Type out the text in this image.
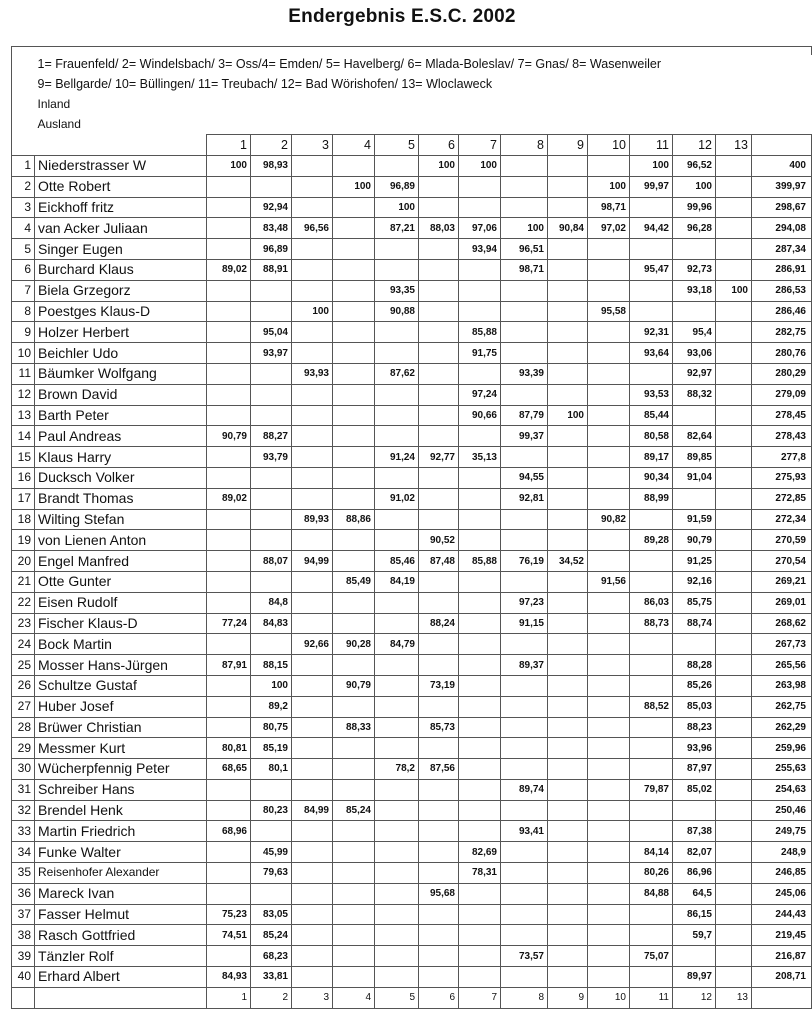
Endergebnis E.S.C. 2002

	1= Frauenfeld/ 2= Windelsbach/ 3= Oss/4= Emden/ 5= Havelberg/ 6= Mlada-Boleslav/ 7= Gnas/ 8= Wasenweiler														
	9= Bellgarde/ 10= Büllingen/ 11= Treubach/ 12= Bad Wörishofen/ 13= Wloclaweck														
	Inland														
	Ausland														
		1	2	3	4	5	6	7	8	9	10	11	12	13	
1	Niederstrasser W	100	98,93				100	100				100	96,52		400
2	Otte Robert				100	96,89					100	99,97	100		399,97
3	Eickhoff fritz		92,94			100					98,71		99,96		298,67
4	van Acker Juliaan		83,48	96,56		87,21	88,03	97,06	100	90,84	97,02	94,42	96,28		294,08
5	Singer Eugen		96,89					93,94	96,51						287,34
6	Burchard Klaus	89,02	88,91						98,71			95,47	92,73		286,91
7	Biela Grzegorz					93,35							93,18	100	286,53
8	Poestges Klaus-D			100		90,88					95,58				286,46
9	Holzer Herbert		95,04					85,88				92,31	95,4		282,75
10	Beichler Udo		93,97					91,75				93,64	93,06		280,76
11	Bäumker Wolfgang			93,93		87,62			93,39				92,97		280,29
12	Brown David							97,24				93,53	88,32		279,09
13	Barth Peter							90,66	87,79	100		85,44			278,45
14	Paul Andreas	90,79	88,27						99,37			80,58	82,64		278,43
15	Klaus Harry		93,79			91,24	92,77	35,13				89,17	89,85		277,8
16	Ducksch Volker								94,55			90,34	91,04		275,93
17	Brandt Thomas	89,02				91,02			92,81			88,99			272,85
18	Wilting Stefan			89,93	88,86						90,82		91,59		272,34
19	von Lienen Anton						90,52					89,28	90,79		270,59
20	Engel Manfred		88,07	94,99		85,46	87,48	85,88	76,19	34,52			91,25		270,54
21	Otte Gunter				85,49	84,19					91,56		92,16		269,21
22	Eisen Rudolf		84,8						97,23			86,03	85,75		269,01
23	Fischer Klaus-D	77,24	84,83				88,24		91,15			88,73	88,74		268,62
24	Bock Martin			92,66	90,28	84,79									267,73
25	Mosser Hans-Jürgen	87,91	88,15						89,37				88,28		265,56
26	Schultze Gustaf		100		90,79		73,19						85,26		263,98
27	Huber Josef		89,2									88,52	85,03		262,75
28	Brüwer Christian		80,75		88,33		85,73						88,23		262,29
29	Messmer Kurt	80,81	85,19										93,96		259,96
30	Wücherpfennig Peter	68,65	80,1			78,2	87,56						87,97		255,63
31	Schreiber Hans								89,74			79,87	85,02		254,63
32	Brendel Henk		80,23	84,99	85,24										250,46
33	Martin Friedrich	68,96							93,41				87,38		249,75
34	Funke Walter		45,99					82,69				84,14	82,07		248,9
35	Reisenhofer Alexander		79,63					78,31				80,26	86,96		246,85
36	Mareck Ivan						95,68					84,88	64,5		245,06
37	Fasser Helmut	75,23	83,05										86,15		244,43
38	Rasch Gottfried	74,51	85,24										59,7		219,45
39	Tänzler Rolf		68,23						73,57			75,07			216,87
40	Erhard Albert	84,93	33,81										89,97		208,71
		1	2	3	4	5	6	7	8	9	10	11	12	13	
